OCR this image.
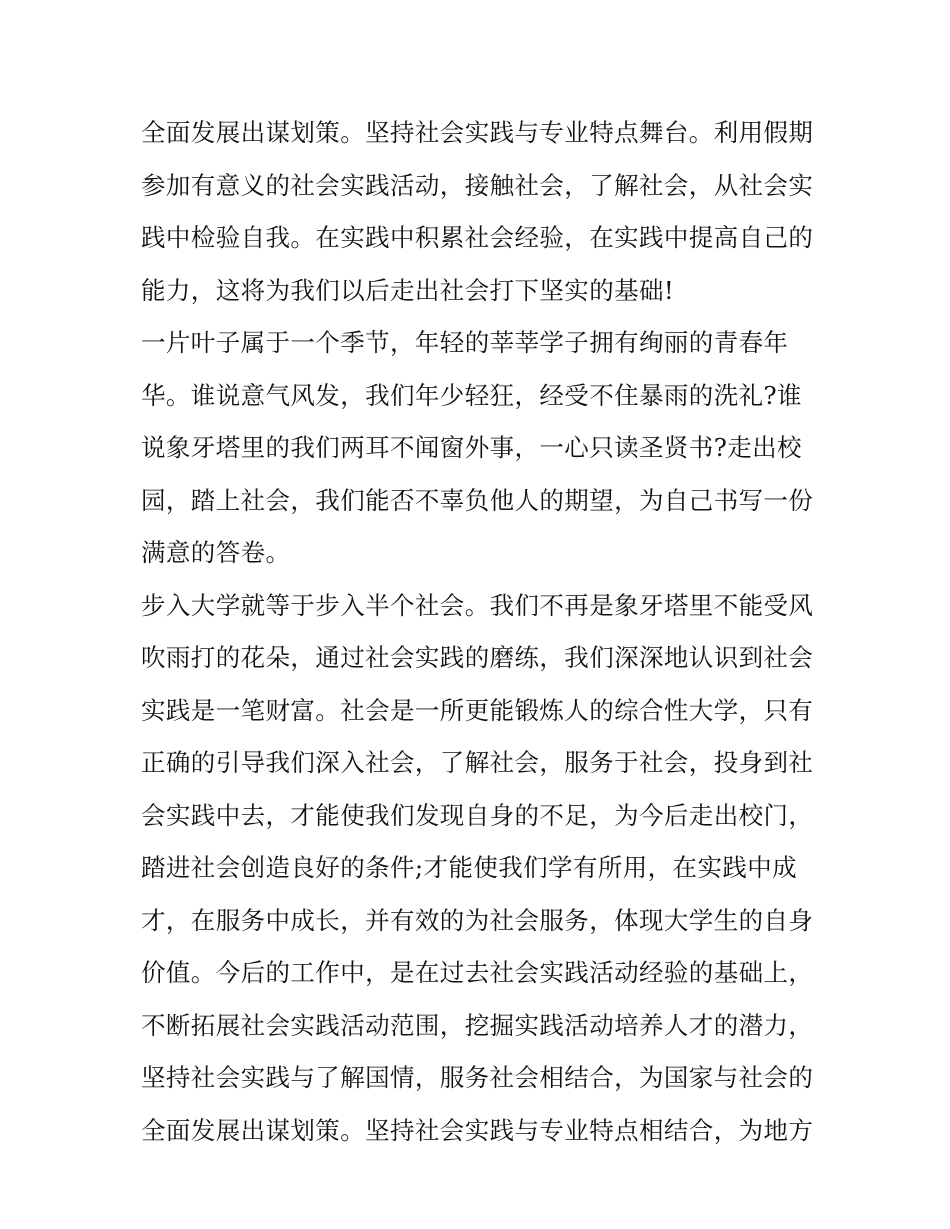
全面发展出谋划策。坚持社会实践与专业特点舞台。利用假期
参加有意义的社会实践活动，接触社会，了解社会，从社会实
践中检验自我。在实践中积累社会经验，在实践中提高自己的
能力，这将为我们以后走出社会打下坚实的基础!
一片叶子属于一个季节，年轻的莘莘学子拥有绚丽的青春年
华。谁说意气风发，我们年少轻狂，经受不住暴雨的洗礼?谁
说象牙塔里的我们两耳不闻窗外事，一心只读圣贤书?走出校
园，踏上社会，我们能否不辜负他人的期望，为自己书写一份
满意的答卷。
步入大学就等于步入半个社会。我们不再是象牙塔里不能受风
吹雨打的花朵，通过社会实践的磨练，我们深深地认识到社会
实践是一笔财富。社会是一所更能锻炼人的综合性大学，只有
正确的引导我们深入社会，了解社会，服务于社会，投身到社
会实践中去，才能使我们发现自身的不足，为今后走出校门，
踏进社会创造良好的条件;才能使我们学有所用，在实践中成
才，在服务中成长，并有效的为社会服务，体现大学生的自身
价值。今后的工作中，是在过去社会实践活动经验的基础上，
不断拓展社会实践活动范围，挖掘实践活动培养人才的潜力，
坚持社会实践与了解国情，服务社会相结合，为国家与社会的
全面发展出谋划策。坚持社会实践与专业特点相结合，为地方
